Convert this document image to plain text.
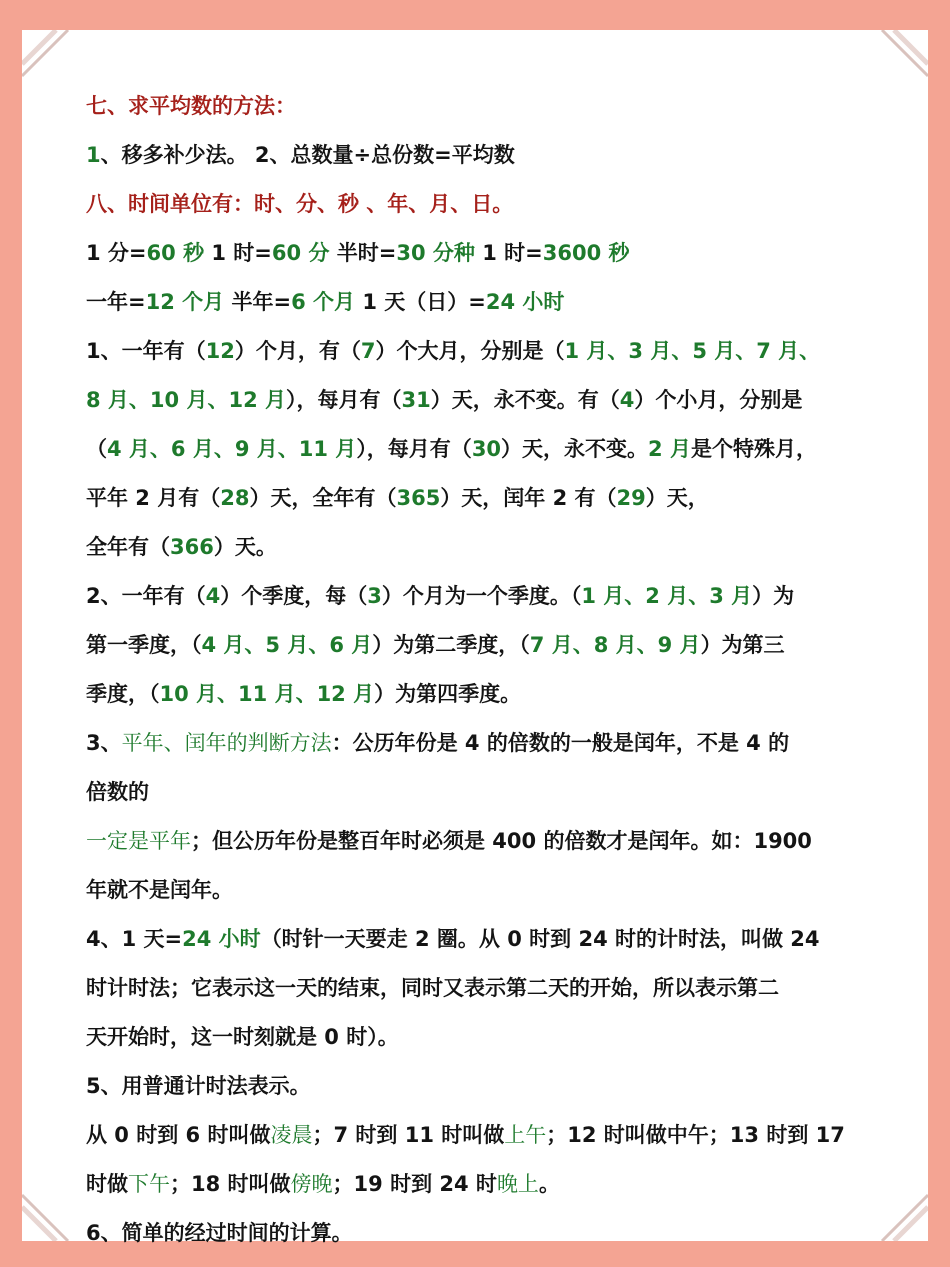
七、求平均数的方法：

1、移多补少法。 2、总数量÷总份数=平均数

八、时间单位有：时、分、秒 、年、月、日。

1 分=60 秒 1 时=60 分 半时=30 分种 1 时=3600 秒

一年=12 个月 半年=6 个月 1 天（日）=24 小时

1、一年有（12）个月，有（7）个大月，分别是（1 月、3 月、5 月、7 月、

8 月、10 月、12 月），每月有（31）天，永不变。有（4）个小月，分别是

（4 月、6 月、9 月、11 月），每月有（30）天，永不变。2 月是个特殊月，

平年 2 月有（28）天，全年有（365）天，闰年 2 有（29）天，

全年有（366）天。

2、一年有（4）个季度，每（3）个月为一个季度。（1 月、2 月、3 月）为

第一季度，（4 月、5 月、6 月）为第二季度，（7 月、8 月、9 月）为第三

季度，（10 月、11 月、12 月）为第四季度。

3、平年、闰年的判断方法：公历年份是 4 的倍数的一般是闰年，不是 4 的

倍数的

一定是平年；但公历年份是整百年时必须是 400 的倍数才是闰年。如：1900

年就不是闰年。

4、1 天=24 小时（时针一天要走 2 圈。从 0 时到 24 时的计时法，叫做 24

时计时法；它表示这一天的结束，同时又表示第二天的开始，所以表示第二

天开始时，这一时刻就是 0 时）。

5、用普通计时法表示。

从 0 时到 6 时叫做凌晨；7 时到 11 时叫做上午；12 时叫做中午；13 时到 17

时做下午；18 时叫做傍晚；19 时到 24 时晚上。

6、简单的经过时间的计算。
